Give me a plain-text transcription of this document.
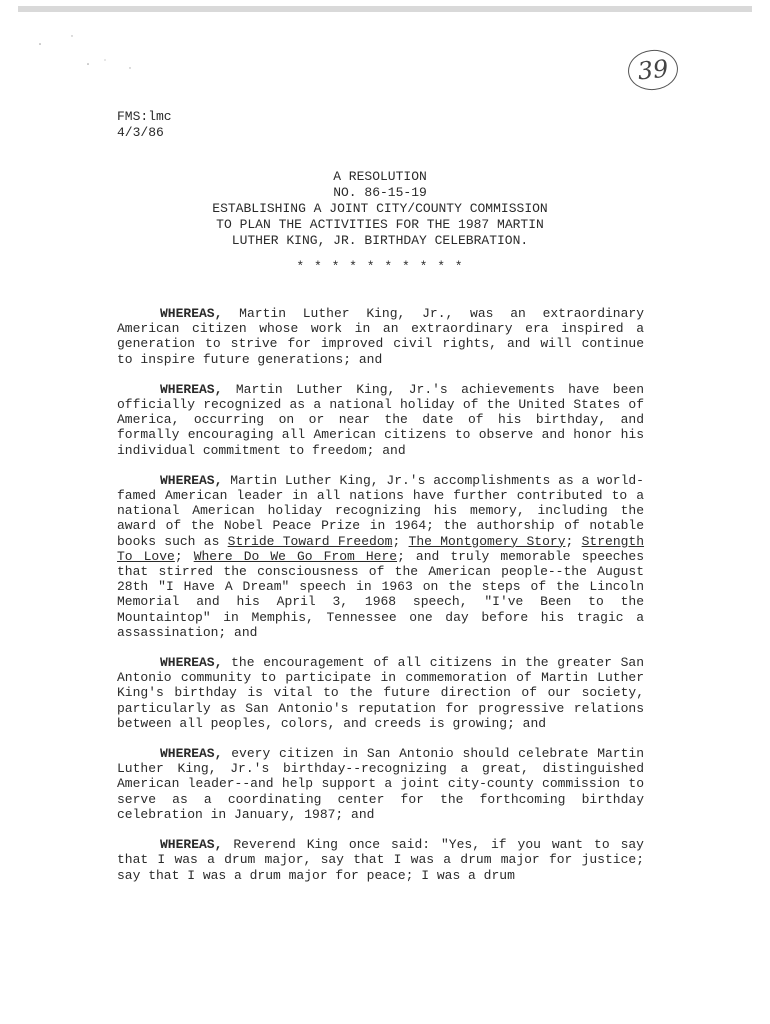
39
FMS:lmc
4/3/86
A RESOLUTION
NO. 86-15-19
ESTABLISHING A JOINT CITY/COUNTY COMMISSION
TO PLAN THE ACTIVITIES FOR THE 1987 MARTIN
LUTHER KING, JR. BIRTHDAY CELEBRATION.
* * * * * * * * * *

WHEREAS, Martin Luther King, Jr., was an extraordinary American citizen whose work in an extraordinary era inspired a generation to strive for improved civil rights, and will continue to inspire future generations; and

WHEREAS, Martin Luther King, Jr.'s achievements have been officially recognized as a national holiday of the United States of America, occurring on or near the date of his birthday, and formally encouraging all American citizens to observe and honor his individual commitment to freedom; and

WHEREAS, Martin Luther King, Jr.'s accomplishments as a world-famed American leader in all nations have further contributed to a national American holiday recognizing his memory, including the award of the Nobel Peace Prize in 1964; the authorship of notable books such as Stride Toward Freedom; The Montgomery Story; Strength To Love; Where Do We Go From Here; and truly memorable speeches that stirred the consciousness of the American people--the August 28th "I Have A Dream" speech in 1963 on the steps of the Lincoln Memorial and his April 3, 1968 speech, "I've Been to the Mountaintop" in Memphis, Tennessee one day before his tragic a assassination; and

WHEREAS, the encouragement of all citizens in the greater San Antonio community to participate in commemoration of Martin Luther King's birthday is vital to the future direction of our society, particularly as San Antonio's reputation for progressive relations between all peoples, colors, and creeds is growing; and

WHEREAS, every citizen in San Antonio should celebrate Martin Luther King, Jr.'s birthday--recognizing a great, distinguished American leader--and help support a joint city-county commission to serve as a coordinating center for the forthcoming birthday celebration in January, 1987; and

WHEREAS, Reverend King once said: "Yes, if you want to say that I was a drum major, say that I was a drum major for justice; say that I was a drum major for peace; I was a drum
